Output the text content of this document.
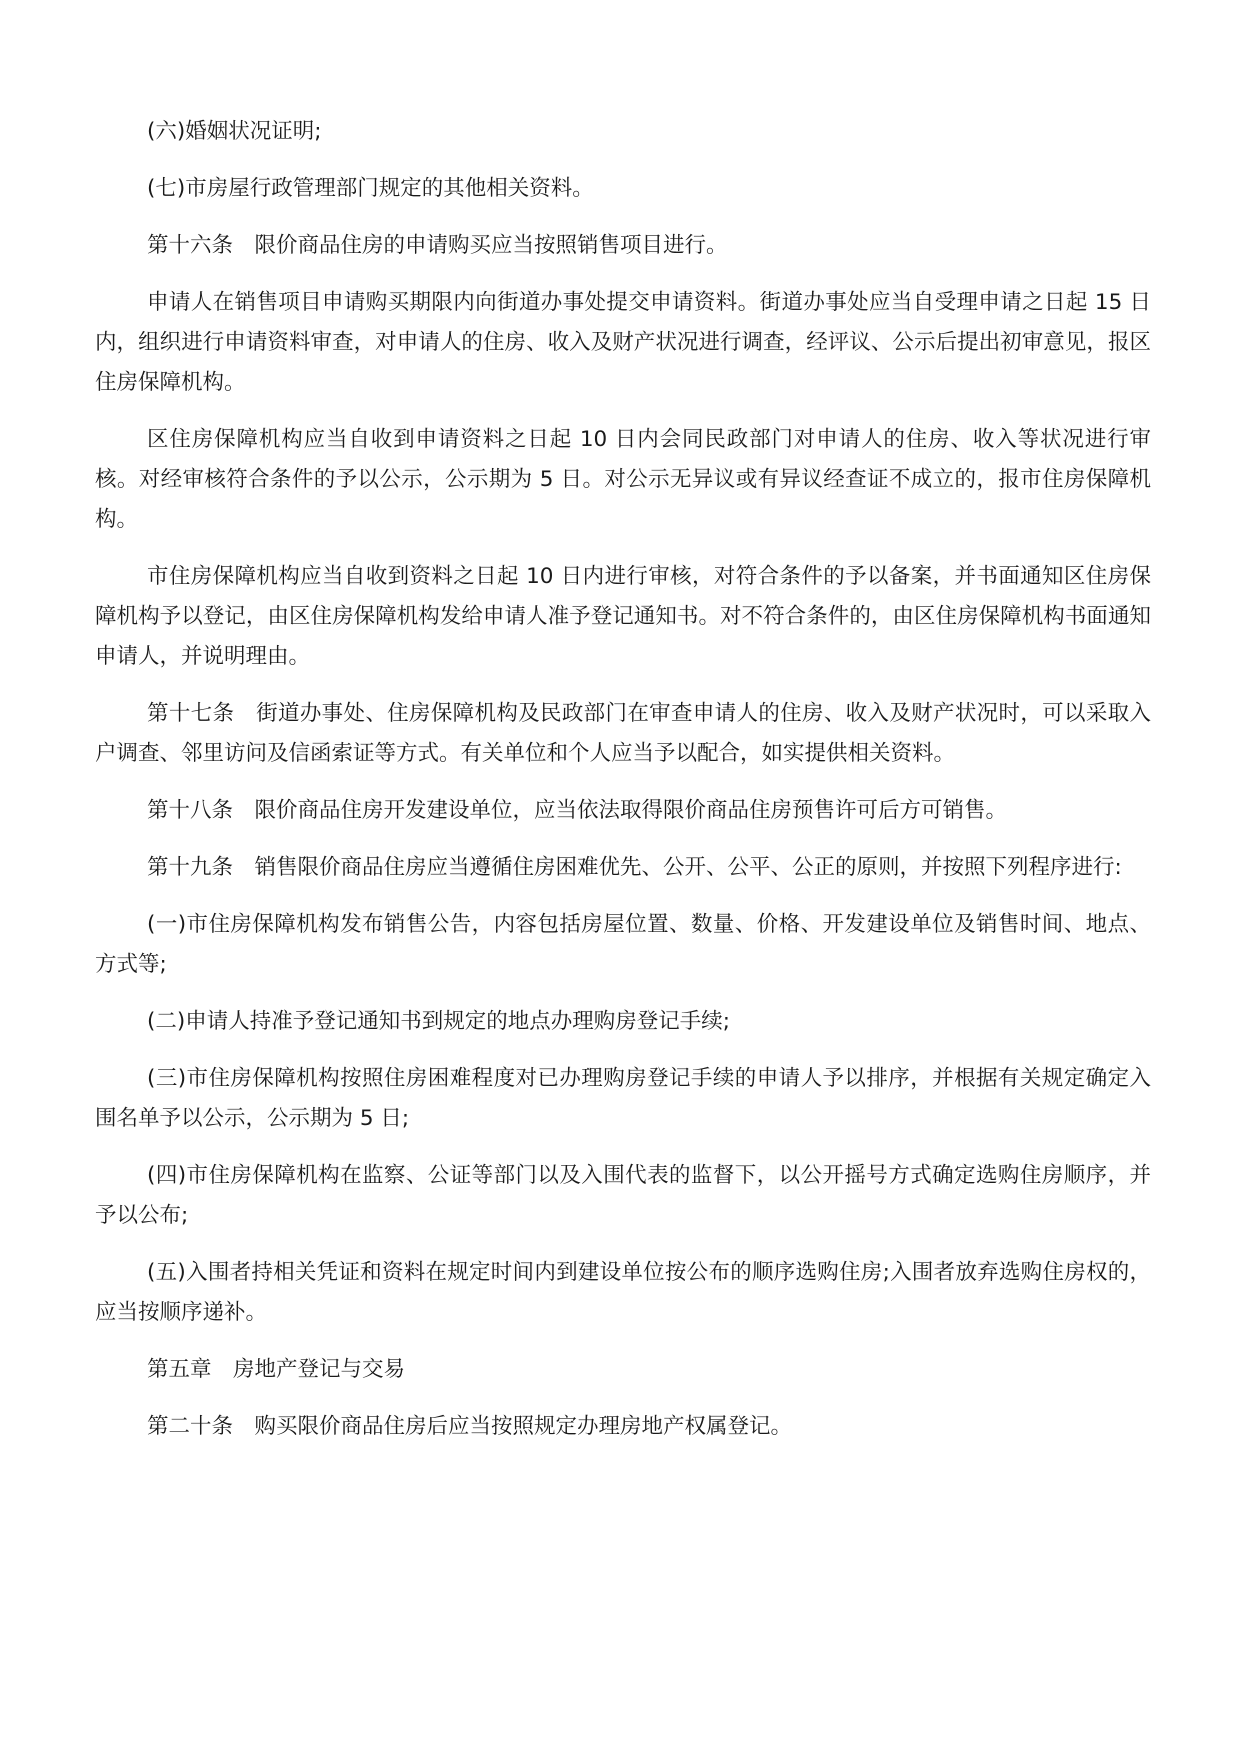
(六)婚姻状况证明;

(七)市房屋行政管理部门规定的其他相关资料。

第十六条　限价商品住房的申请购买应当按照销售项目进行。

申请人在销售项目申请购买期限内向街道办事处提交申请资料。街道办事处应当自受理申请之日起 15 日内，组织进行申请资料审查，对申请人的住房、收入及财产状况进行调查，经评议、公示后提出初审意见，报区住房保障机构。

区住房保障机构应当自收到申请资料之日起 10 日内会同民政部门对申请人的住房、收入等状况进行审核。对经审核符合条件的予以公示，公示期为 5 日。对公示无异议或有异议经查证不成立的，报市住房保障机构。

市住房保障机构应当自收到资料之日起 10 日内进行审核，对符合条件的予以备案，并书面通知区住房保障机构予以登记，由区住房保障机构发给申请人准予登记通知书。对不符合条件的，由区住房保障机构书面通知申请人，并说明理由。

第十七条　街道办事处、住房保障机构及民政部门在审查申请人的住房、收入及财产状况时，可以采取入户调查、邻里访问及信函索证等方式。有关单位和个人应当予以配合，如实提供相关资料。

第十八条　限价商品住房开发建设单位，应当依法取得限价商品住房预售许可后方可销售。

第十九条　销售限价商品住房应当遵循住房困难优先、公开、公平、公正的原则，并按照下列程序进行:

(一)市住房保障机构发布销售公告，内容包括房屋位置、数量、价格、开发建设单位及销售时间、地点、方式等;

(二)申请人持准予登记通知书到规定的地点办理购房登记手续;

(三)市住房保障机构按照住房困难程度对已办理购房登记手续的申请人予以排序，并根据有关规定确定入围名单予以公示，公示期为 5 日;

(四)市住房保障机构在监察、公证等部门以及入围代表的监督下，以公开摇号方式确定选购住房顺序，并予以公布;

(五)入围者持相关凭证和资料在规定时间内到建设单位按公布的顺序选购住房;入围者放弃选购住房权的，应当按顺序递补。

第五章　房地产登记与交易

第二十条　购买限价商品住房后应当按照规定办理房地产权属登记。
